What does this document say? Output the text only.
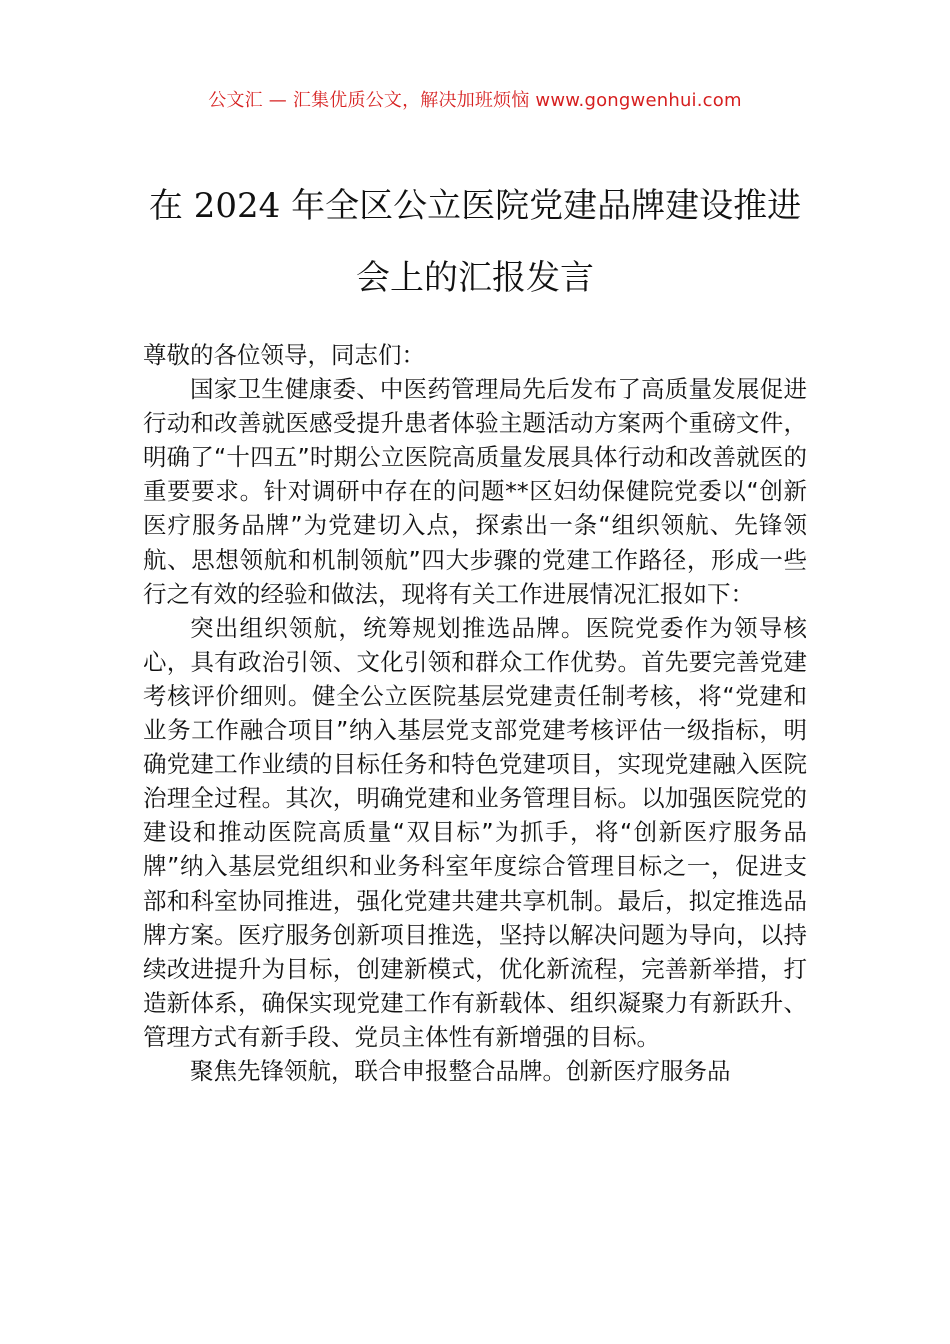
公文汇 — 汇集优质公文，解决加班烦恼 www.gongwenhui.com
在 2024 年全区公立医院党建品牌建设推进
会上的汇报发言

尊敬的各位领导，同志们：

国家卫生健康委、中医药管理局先后发布了高质量发展促进行动和改善就医感受提升患者体验主题活动方案两个重磅文件，明确了“十四五”时期公立医院高质量发展具体行动和改善就医的重要要求。针对调研中存在的问题**区妇幼保健院党委以“创新医疗服务品牌”为党建切入点，探索出一条“组织领航、先锋领航、思想领航和机制领航”四大步骤的党建工作路径，形成一些行之有效的经验和做法，现将有关工作进展情况汇报如下：

突出组织领航，统筹规划推选品牌。医院党委作为领导核心，具有政治引领、文化引领和群众工作优势。首先要完善党建考核评价细则。健全公立医院基层党建责任制考核，将“党建和业务工作融合项目”纳入基层党支部党建考核评估一级指标，明确党建工作业绩的目标任务和特色党建项目，实现党建融入医院治理全过程。其次，明确党建和业务管理目标。以加强医院党的建设和推动医院高质量“双目标”为抓手，将“创新医疗服务品牌”纳入基层党组织和业务科室年度综合管理目标之一，促进支部和科室协同推进，强化党建共建共享机制。最后，拟定推选品牌方案。医疗服务创新项目推选，坚持以解决问题为导向，以持续改进提升为目标，创建新模式，优化新流程，完善新举措，打造新体系，确保实现党建工作有新载体、组织凝聚力有新跃升、管理方式有新手段、党员主体性有新增强的目标。

聚焦先锋领航，联合申报整合品牌。创新医疗服务品
